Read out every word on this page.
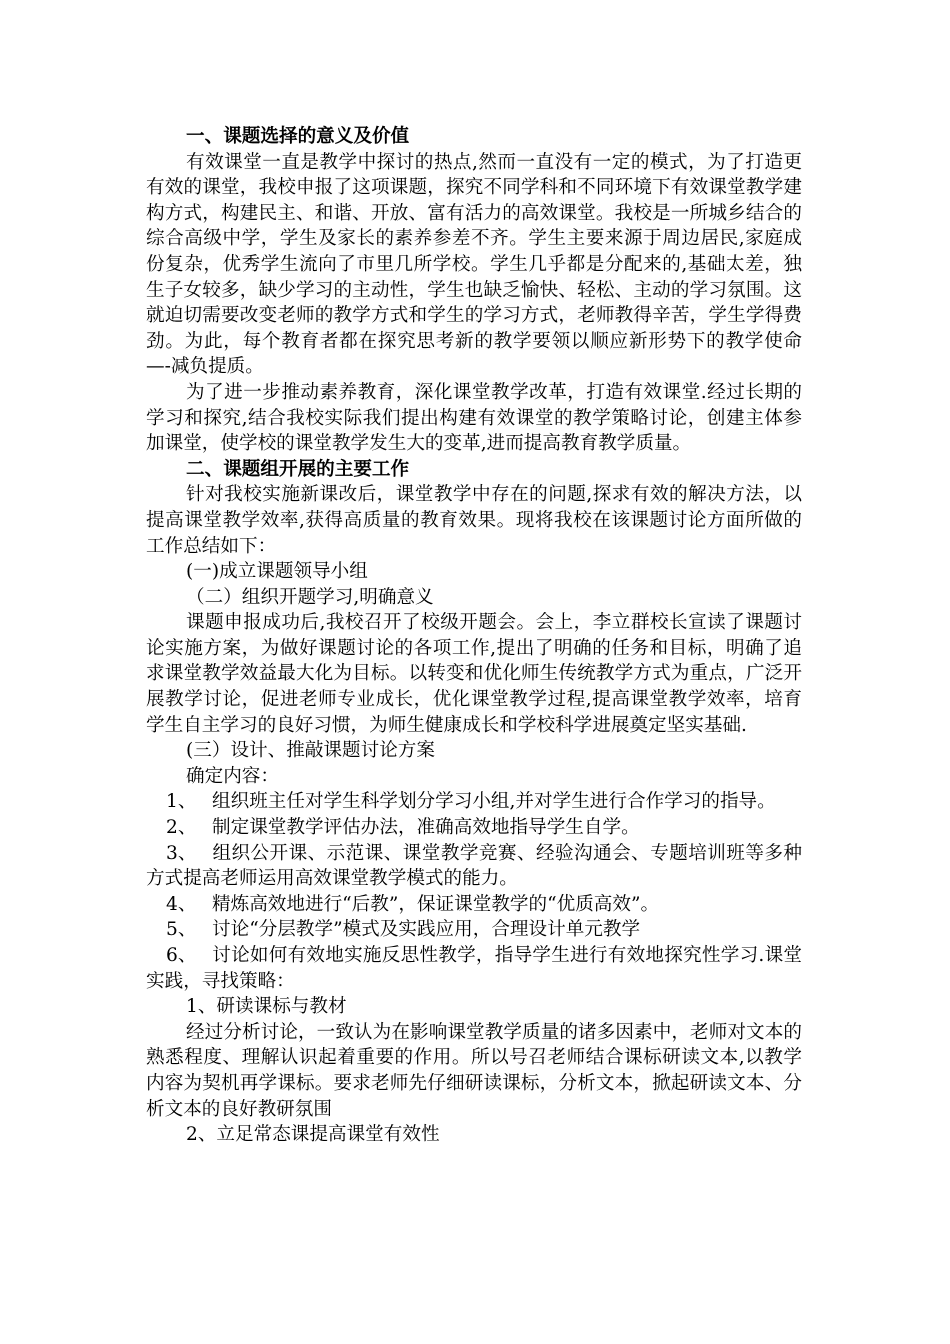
一、课题选择的意义及价值

有效课堂一直是教学中探讨的热点,然而一直没有一定的模式，为了打造更有效的课堂，我校申报了这项课题，探究不同学科和不同环境下有效课堂教学建构方式，构建民主、和谐、开放、富有活力的高效课堂。我校是一所城乡结合的综合高级中学，学生及家长的素养参差不齐。学生主要来源于周边居民,家庭成份复杂，优秀学生流向了市里几所学校。学生几乎都是分配来的,基础太差，独生子女较多，缺少学习的主动性，学生也缺乏愉快、轻松、主动的学习氛围。这就迫切需要改变老师的教学方式和学生的学习方式，老师教得辛苦，学生学得费劲。为此，每个教育者都在探究思考新的教学要领以顺应新形势下的教学使命—-减负提质。

为了进一步推动素养教育，深化课堂教学改革，打造有效课堂.经过长期的学习和探究,结合我校实际我们提出构建有效课堂的教学策略讨论，创建主体参加课堂，使学校的课堂教学发生大的变革,进而提高教育教学质量。

二、课题组开展的主要工作

针对我校实施新课改后，课堂教学中存在的问题,探求有效的解决方法，以提高课堂教学效率,获得高质量的教育效果。现将我校在该课题讨论方面所做的工作总结如下：

(一)成立课题领导小组

（二）组织开题学习,明确意义

课题申报成功后,我校召开了校级开题会。会上，李立群校长宣读了课题讨论实施方案，为做好课题讨论的各项工作,提出了明确的任务和目标，明确了追求课堂教学效益最大化为目标。以转变和优化师生传统教学方式为重点，广泛开展教学讨论，促进老师专业成长，优化课堂教学过程,提高课堂教学效率，培育学生自主学习的良好习惯，为师生健康成长和学校科学进展奠定坚实基础.

(三）设计、推敲课题讨论方案

确定内容：

1、 组织班主任对学生科学划分学习小组,并对学生进行合作学习的指导。

2、 制定课堂教学评估办法，准确高效地指导学生自学。

3、 组织公开课、示范课、课堂教学竞赛、经验沟通会、专题培训班等多种方式提高老师运用高效课堂教学模式的能力。

4、 精炼高效地进行“后教”，保证课堂教学的“优质高效”。

5、 讨论“分层教学”模式及实践应用，合理设计单元教学

6、 讨论如何有效地实施反思性教学，指导学生进行有效地探究性学习.课堂实践，寻找策略：

1、研读课标与教材

经过分析讨论，一致认为在影响课堂教学质量的诸多因素中，老师对文本的熟悉程度、理解认识起着重要的作用。所以号召老师结合课标研读文本,以教学内容为契机再学课标。要求老师先仔细研读课标，分析文本，掀起研读文本、分析文本的良好教研氛围

2、立足常态课提高课堂有效性
